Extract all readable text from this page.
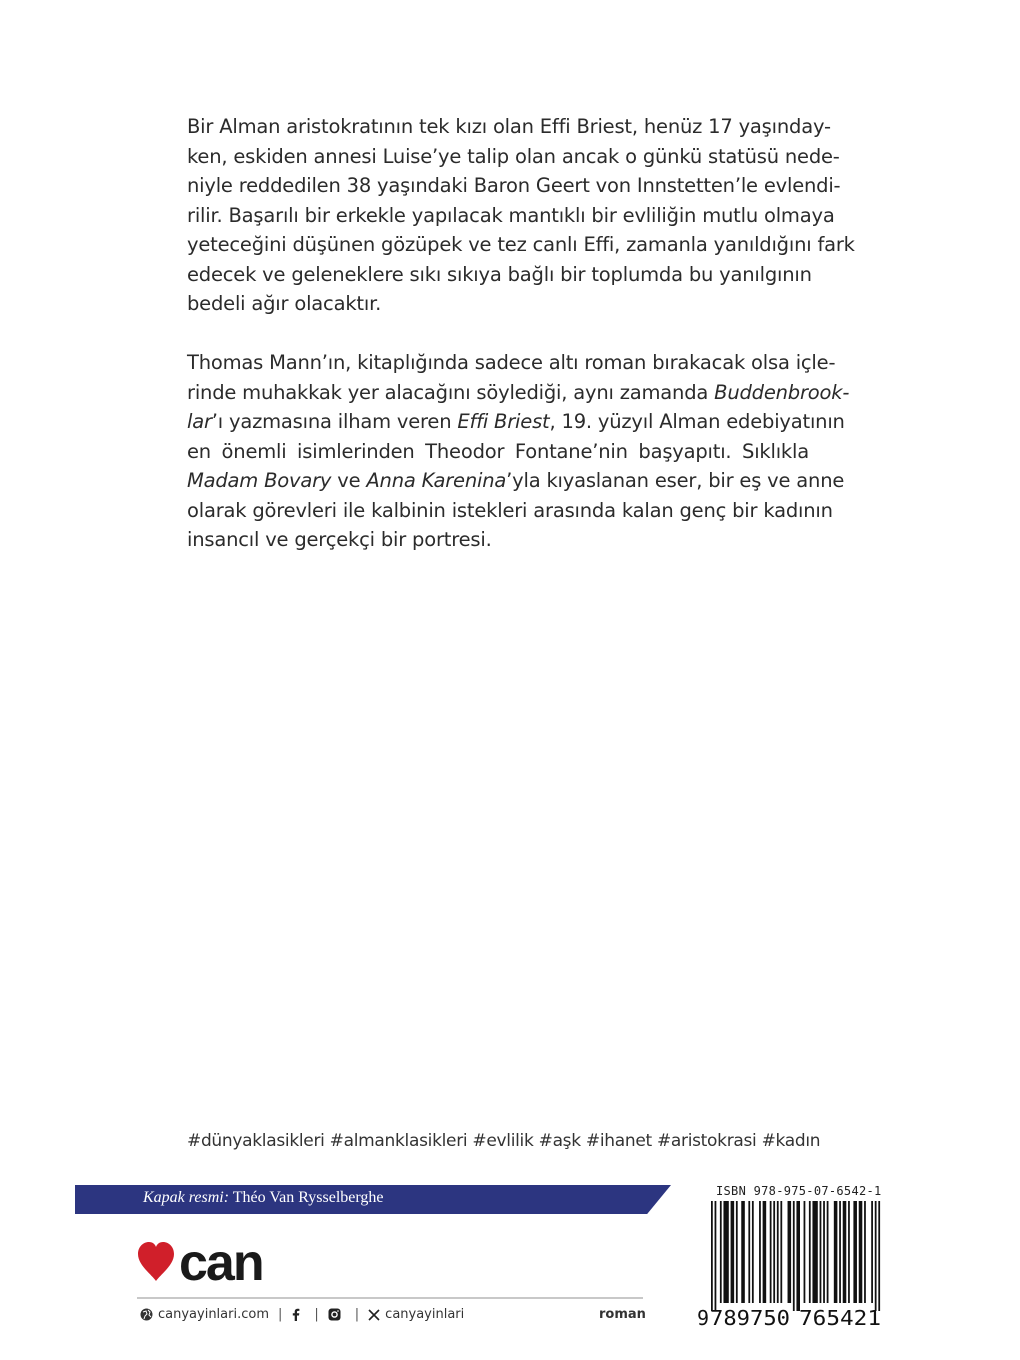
Bir Alman aristokratının tek kızı olan Effi Briest, henüz 17 yaşınday-
ken, eskiden annesi Luise’ye talip olan ancak o günkü statüsü nede-
niyle reddedilen 38 yaşındaki Baron Geert von Innstetten’le evlendi-
rilir. Başarılı bir erkekle yapılacak mantıklı bir evliliğin mutlu olmaya
yeteceğini düşünen gözüpek ve tez canlı Effi, zamanla yanıldığını fark
edecek ve geleneklere sıkı sıkıya bağlı bir toplumda bu yanılgının
bedeli ağır olacaktır.

Thomas Mann’ın, kitaplığında sadece altı roman bırakacak olsa içle-
rinde muhakkak yer alacağını söylediği, aynı zamanda Buddenbrook-
lar’ı yazmasına ilham veren Effi Briest, 19. yüzyıl Alman edebiyatının
en önemli isimlerinden Theodor Fontane’nin başyapıtı. Sıklıkla
Madam Bovary ve Anna Karenina’yla kıyaslanan eser, bir eş ve anne
olarak görevleri ile kalbinin istekleri arasında kalan genç bir kadının
insancıl ve gerçekçi bir portresi.

#dünyaklasikleri #almanklasikleri #evlilik #aşk #ihanet #aristokrasi #kadın
Kapak resmi: Théo Van Rysselberghe
can
canyayinlari.com | |	| canyayinlari	roman
ISBN 978-975-07-6542-1
9 789750 765421
